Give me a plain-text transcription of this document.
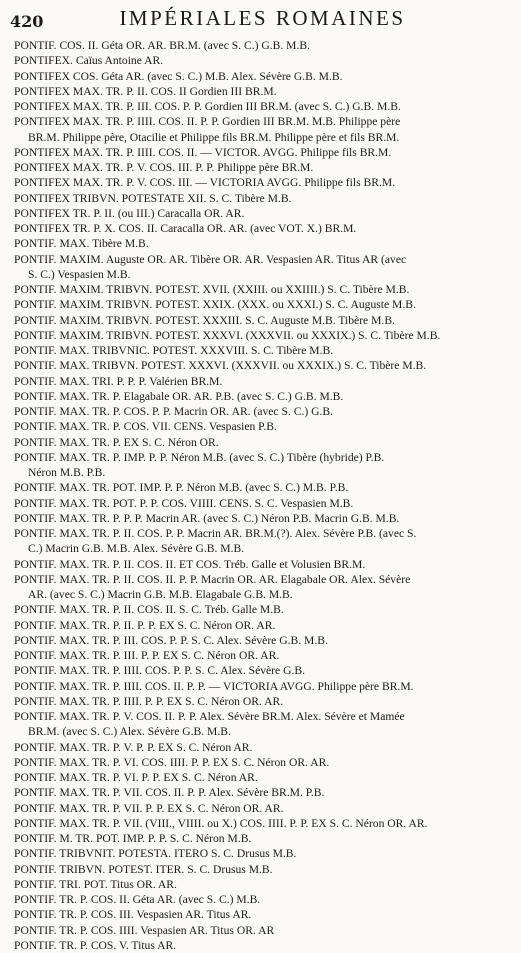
420	IMPÉRIALES ROMAINES
PONTIF. COS. II. Géta OR. AR. BR.M. (avec S. C.) G.B. M.B.
PONTIFEX. Caïus Antoine AR.
PONTIFEX COS. Géta AR. (avec S. C.) M.B. Alex. Sévère G.B. M.B.
PONTIFEX MAX. TR. P. II. COS. II Gordien III BR.M.
PONTIFEX MAX. TR. P. III. COS. P. P. Gordien III BR.M. (avec S. C.) G.B. M.B.
PONTIFEX MAX. TR. P. IIII. COS. II. P. P. Gordien III BR.M. M.B. Philippe père
BR.M. Philippe père, Otacilie et Philippe fils BR.M. Philippe père et fils BR.M.
PONTIFEX MAX. TR. P. IIII. COS. II. — VICTOR. AVGG. Philippe fils BR.M.
PONTIFEX MAX. TR. P. V. COS. III. P. P. Philippe père BR.M.
PONTIFEX MAX. TR. P. V. COS. III. — VICTORIA AVGG. Philippe fils BR.M.
PONTIFEX TRIBVN. POTESTATE XII. S. C. Tibère M.B.
PONTIFEX TR. P. II. (ou III.) Caracalla OR. AR.
PONTIFEX TR. P. X. COS. II. Caracalla OR. AR. (avec VOT. X.) BR.M.
PONTIF. MAX. Tibère M.B.
PONTIF. MAXIM. Auguste OR. AR. Tibère OR. AR. Vespasien AR. Titus AR (avec
S. C.) Vespasien M.B.
PONTIF. MAXIM. TRIBVN. POTEST. XVII. (XXIII. ou XXIIII.) S. C. Tibère M.B.
PONTIF. MAXIM. TRIBVN. POTEST. XXIX. (XXX. ou XXXI.) S. C. Auguste M.B.
PONTIF. MAXIM. TRIBVN. POTEST. XXXIII. S. C. Auguste M.B. Tibère M.B.
PONTIF. MAXIM. TRIBVN. POTEST. XXXVI. (XXXVII. ou XXXIX.) S. C. Tibère M.B.
PONTIF. MAX. TRIBVNIC. POTEST. XXXVIII. S. C. Tibère M.B.
PONTIF. MAX. TRIBVN. POTEST. XXXVI. (XXXVII. ou XXXIX.) S. C. Tibère M.B.
PONTIF. MAX. TRI. P. P. P. Valérien BR.M.
PONTIF. MAX. TR. P. Elagabale OR. AR. P.B. (avec S. C.) G.B. M.B.
PONTIF. MAX. TR. P. COS. P. P. Macrin OR. AR. (avec S. C.) G.B.
PONTIF. MAX. TR. P. COS. VII. CENS. Vespasien P.B.
PONTIF. MAX. TR. P. EX S. C. Néron OR.
PONTIF. MAX. TR. P. IMP. P. P. Néron M.B. (avec S. C.) Tibère (hybride) P.B.
Néron M.B. P.B.
PONTIF. MAX. TR. POT. IMP. P. P. Néron M.B. (avec S. C.) M.B. P.B.
PONTIF. MAX. TR. POT. P. P. COS. VIIII. CENS. S. C. Vespasien M.B.
PONTIF. MAX. TR. P. P. P. Macrin AR. (avec S. C.) Néron P.B. Macrin G.B. M.B.
PONTIF. MAX. TR. P. II. COS. P. P. Macrin AR. BR.M.(?). Alex. Sévère P.B. (avec S.
C.) Macrin G.B. M.B. Alex. Sévère G.B. M.B.
PONTIF. MAX. TR. P. II. COS. II. ET COS. Tréb. Galle et Volusien BR.M.
PONTIF. MAX. TR. P. II. COS. II. P. P. Macrin OR. AR. Elagabale OR. Alex. Sévère
AR. (avec S. C.) Macrin G.B. M.B. Elagabale G.B. M.B.
PONTIF. MAX. TR. P. II. COS. II. S. C. Tréb. Galle M.B.
PONTIF. MAX. TR. P. II. P. P. EX S. C. Néron OR. AR.
PONTIF. MAX. TR. P. III. COS. P. P. S. C. Alex. Sévère G.B. M.B.
PONTIF. MAX. TR. P. III. P. P. EX S. C. Néron OR. AR.
PONTIF. MAX. TR. P. IIII. COS. P. P. S. C. Alex. Sévère G.B.
PONTIF. MAX. TR. P. IIII. COS. II. P. P. — VICTORIA AVGG. Philippe père BR.M.
PONTIF. MAX. TR. P. IIII. P. P. EX S. C. Néron OR. AR.
PONTIF. MAX. TR. P. V. COS. II. P. P. Alex. Sévère BR.M. Alex. Sévère et Mamée
BR.M. (avec S. C.) Alex. Sévère G.B. M.B.
PONTIF. MAX. TR. P. V. P. P. EX S. C. Néron AR.
PONTIF. MAX. TR. P. VI. COS. IIII. P. P. EX S. C. Néron OR. AR.
PONTIF. MAX. TR. P. VI. P. P. EX S. C. Néron AR.
PONTIF. MAX. TR. P. VII. COS. II. P. P. Alex. Sévère BR.M. P.B.
PONTIF. MAX. TR. P. VII. P. P. EX S. C. Néron OR. AR.
PONTIF. MAX. TR. P. VII. (VIII., VIIII. ou X.) COS. IIII. P. P. EX S. C. Néron OR. AR.
PONTIF. M. TR. POT. IMP. P. P. S. C. Néron M.B.
PONTIF. TRIBVNIT. POTESTA. ITERO S. C. Drusus M.B.
PONTIF. TRIBVN. POTEST. ITER. S. C. Drusus M.B.
PONTIF. TRI. POT. Titus OR. AR.
PONTIF. TR. P. COS. II. Géta AR. (avec S. C.) M.B.
PONTIF. TR. P. COS. III. Vespasien AR. Titus AR.
PONTIF. TR. P. COS. IIII. Vespasien AR. Titus OR. AR
PONTIF. TR. P. COS. V. Titus AR.
